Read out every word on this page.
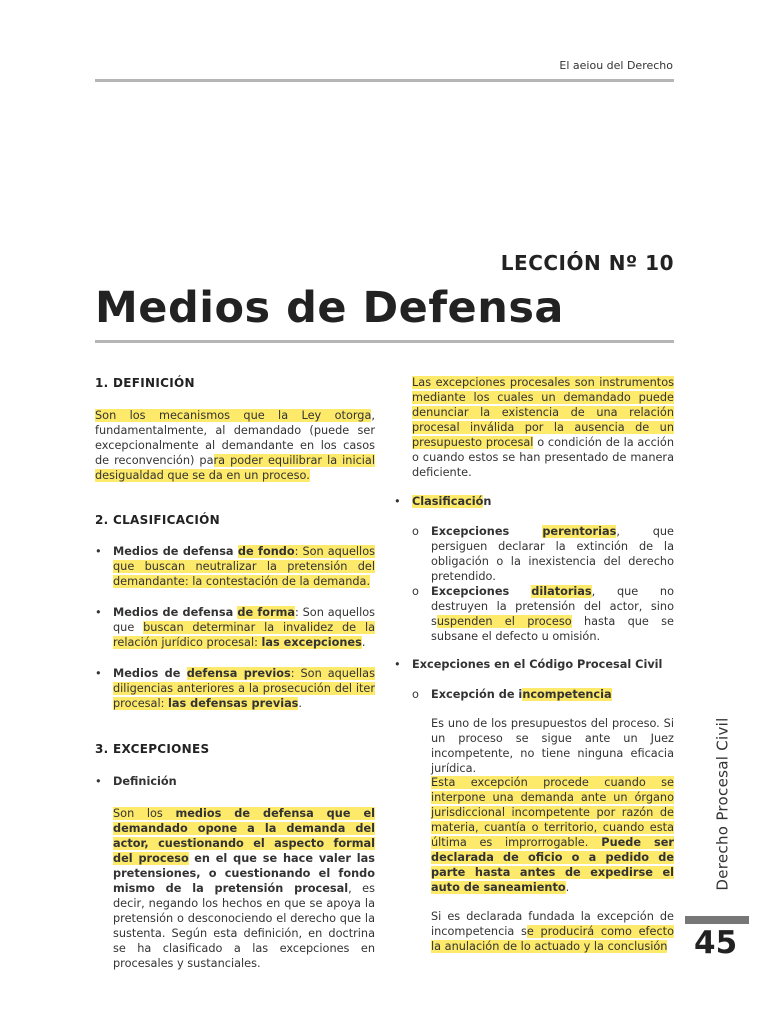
El aeiou del Derecho
LECCIÓN Nº 10
Medios de Defensa
1. DEFINICIÓN

Son los mecanismos que la Ley otorga, fundamentalmente, al demandado (puede ser excepcionalmente al demandante en los casos de reconvención) para poder equilibrar la inicial desigualdad que se da en un proceso.

2. CLASIFICACIÓN
•	Medios de defensa de fondo: Son aquellos que buscan neutralizar la pretensión del demandante: la contestación de la demanda.

•	Medios de defensa de forma: Son aquellos que buscan determinar la invalidez de la relación jurídico procesal: las excepciones.

•	Medios de defensa previos: Son aquellas diligencias anteriores a la prosecución del iter procesal: las defensas previas.

3. EXCEPCIONES
•	Definición

Son los medios de defensa que el demandado opone a la demanda del actor, cuestionando el aspecto formal del proceso en el que se hace valer las pretensiones, o cuestionando el fondo mismo de la pretensión procesal, es decir, negando los hechos en que se apoya la pretensión o desconociendo el derecho que la sustenta. Según esta definición, en doctrina se ha clasificado a las excepciones en procesales y sustanciales.

Las excepciones procesales son instrumentos mediante los cuales un demandado puede denunciar la existencia de una relación procesal inválida por la ausencia de un presupuesto procesal o condición de la acción o cuando estos se han presentado de manera deficiente.

•	Clasificación

o	Excepciones perentorias, que persiguen declarar la extinción de la obligación o la inexistencia del derecho pretendido.

o	Excepciones dilatorias, que no destruyen la pretensión del actor, sino suspenden el proceso hasta que se subsane el defecto u omisión.

•	Excepciones en el Código Procesal Civil

o	Excepción de incompetencia

Es uno de los presupuestos del proceso. Si un proceso se sigue ante un Juez incompetente, no tiene ninguna eficacia jurídica.

Esta excepción procede cuando se interpone una demanda ante un órgano jurisdiccional incompetente por razón de materia, cuantía o territorio, cuando esta última es improrrogable. Puede ser declarada de oficio o a pedido de parte hasta antes de expedirse el auto de saneamiento.

Si es declarada fundada la excepción de incompetencia se producirá como efecto la anulación de lo actuado y la conclusión

Derecho Procesal Civil
45
